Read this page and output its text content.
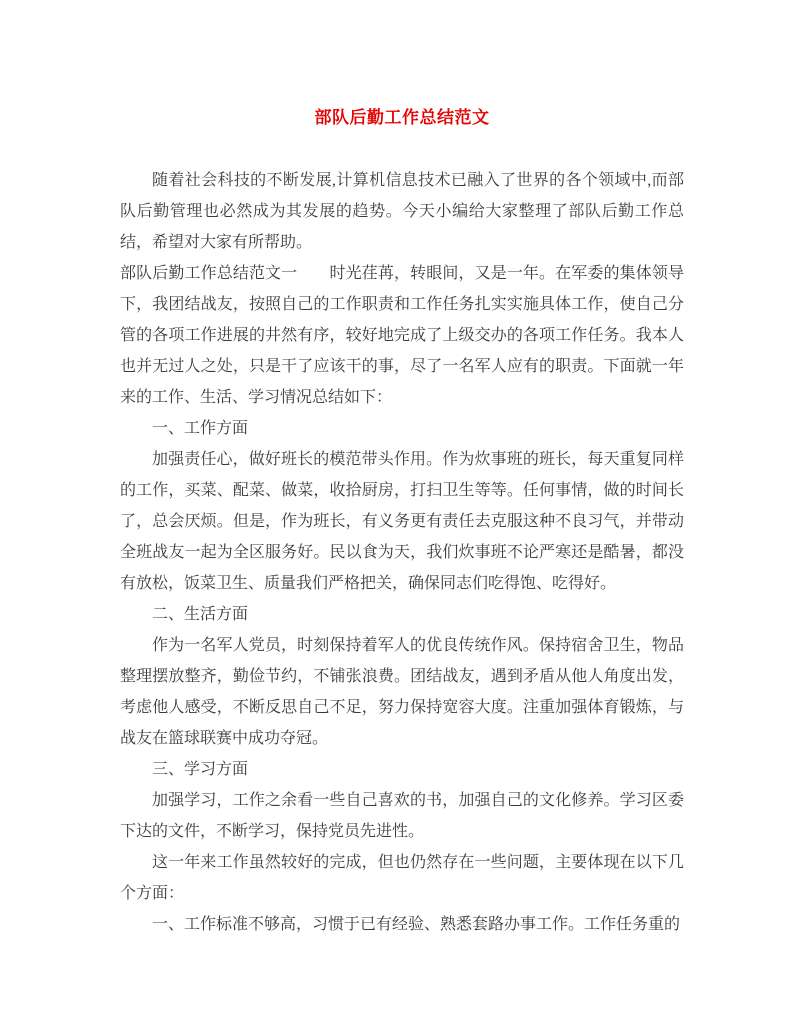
部队后勤工作总结范文

随着社会科技的不断发展,计算机信息技术已融入了世界的各个领域中,而部队后勤管理也必然成为其发展的趋势。今天小编给大家整理了部队后勤工作总结，希望对大家有所帮助。

部队后勤工作总结范文一　　时光荏苒，转眼间，又是一年。在军委的集体领导下，我团结战友，按照自己的工作职责和工作任务扎实实施具体工作，使自己分管的各项工作进展的井然有序，较好地完成了上级交办的各项工作任务。我本人也并无过人之处，只是干了应该干的事，尽了一名军人应有的职责。下面就一年来的工作、生活、学习情况总结如下：

一、工作方面

加强责任心，做好班长的模范带头作用。作为炊事班的班长，每天重复同样的工作，买菜、配菜、做菜，收拾厨房，打扫卫生等等。任何事情，做的时间长了，总会厌烦。但是，作为班长，有义务更有责任去克服这种不良习气，并带动全班战友一起为全区服务好。民以食为天，我们炊事班不论严寒还是酷暑，都没有放松，饭菜卫生、质量我们严格把关，确保同志们吃得饱、吃得好。

二、生活方面

作为一名军人党员，时刻保持着军人的优良传统作风。保持宿舍卫生，物品整理摆放整齐，勤俭节约，不铺张浪费。团结战友，遇到矛盾从他人角度出发，考虑他人感受，不断反思自己不足，努力保持宽容大度。注重加强体育锻炼，与战友在篮球联赛中成功夺冠。

三、学习方面

加强学习，工作之余看一些自己喜欢的书，加强自己的文化修养。学习区委下达的文件，不断学习，保持党员先进性。

这一年来工作虽然较好的完成，但也仍然存在一些问题，主要体现在以下几个方面：

一、工作标准不够高，习惯于已有经验、熟悉套路办事工作。工作任务重的
